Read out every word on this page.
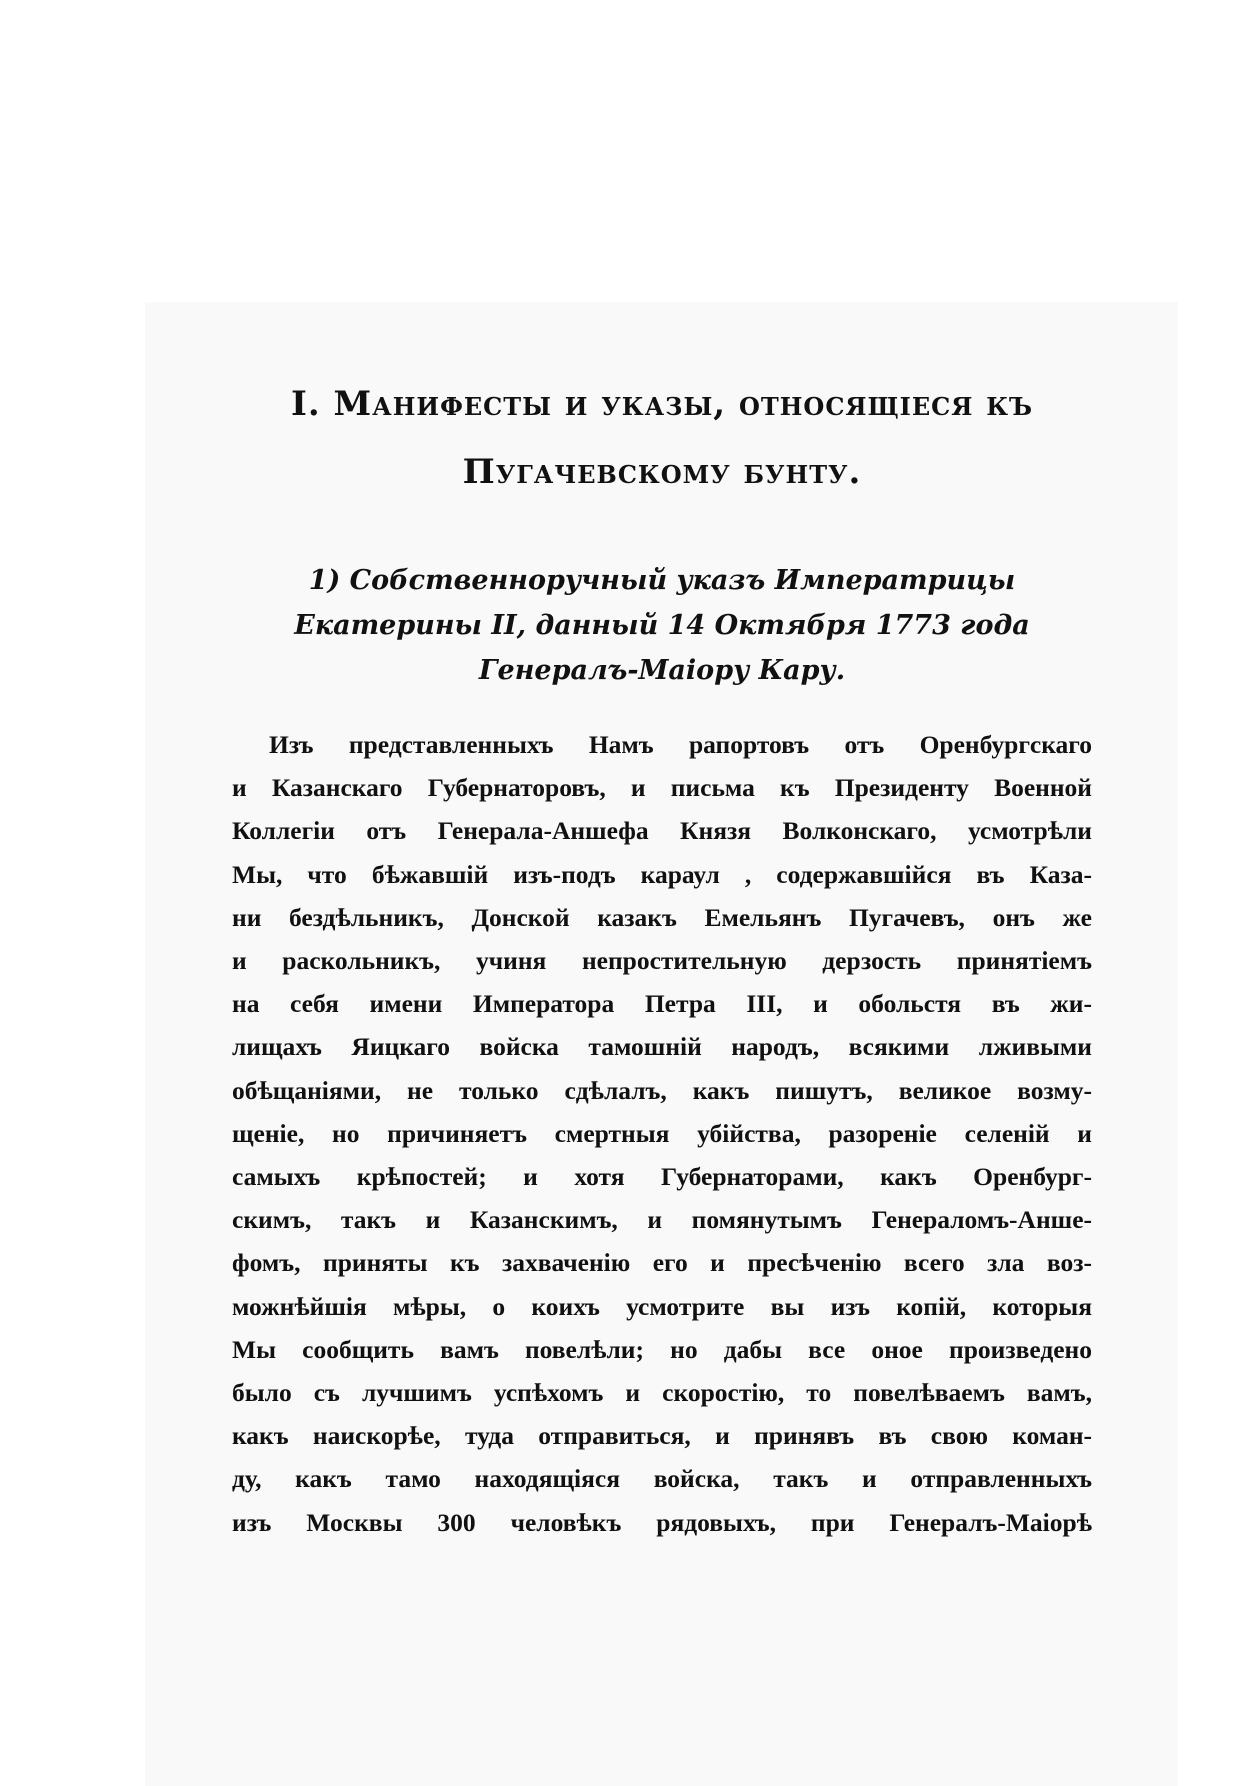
I. Манифесты и указы, относящіеся къ
Пугачевскому бунту.
1) Собственноручный указъ Императрицы
Екатерины II, данный 14 Октября 1773 года
Генералъ-Маіору Кару.
Изъ представленныхъ Намъ рапортовъ отъ Оренбургскаго
и Казанскаго Губернаторовъ, и письма къ Президенту Военной
Коллегіи отъ Генерала-Аншефа Князя Волконскаго, усмотрѣли
Мы, что бѣжавшій изъ-подъ караул , содержавшійся въ Каза-
ни бездѣльникъ, Донской казакъ Емельянъ Пугачевъ, онъ же
и раскольникъ, учиня непростительную дерзость принятіемъ
на себя имени Императора Петра III, и обольстя въ жи-
лищахъ Яицкаго войска тамошній народъ, всякими лживыми
обѣщаніями, не только сдѣлалъ, какъ пишутъ, великое возму-
щеніе, но причиняетъ смертныя убійства, разореніе селеній и
самыхъ крѣпостей; и хотя Губернаторами, какъ Оренбург-
скимъ, такъ и Казанскимъ, и помянутымъ Генераломъ-Анше-
фомъ, приняты къ захваченію его и пресѣченію всего зла воз-
можнѣйшія мѣры, о коихъ усмотрите вы изъ копій, которыя
Мы сообщить вамъ повелѣли; но дабы все оное произведено
было съ лучшимъ успѣхомъ и скоростію, то повелѣваемъ вамъ,
какъ наискорѣе, туда отправиться, и принявъ въ свою коман-
ду, какъ тамо находящіяся войска, такъ и отправленныхъ
изъ Москвы 300 человѣкъ рядовыхъ, при Генералъ-Маіорѣ
